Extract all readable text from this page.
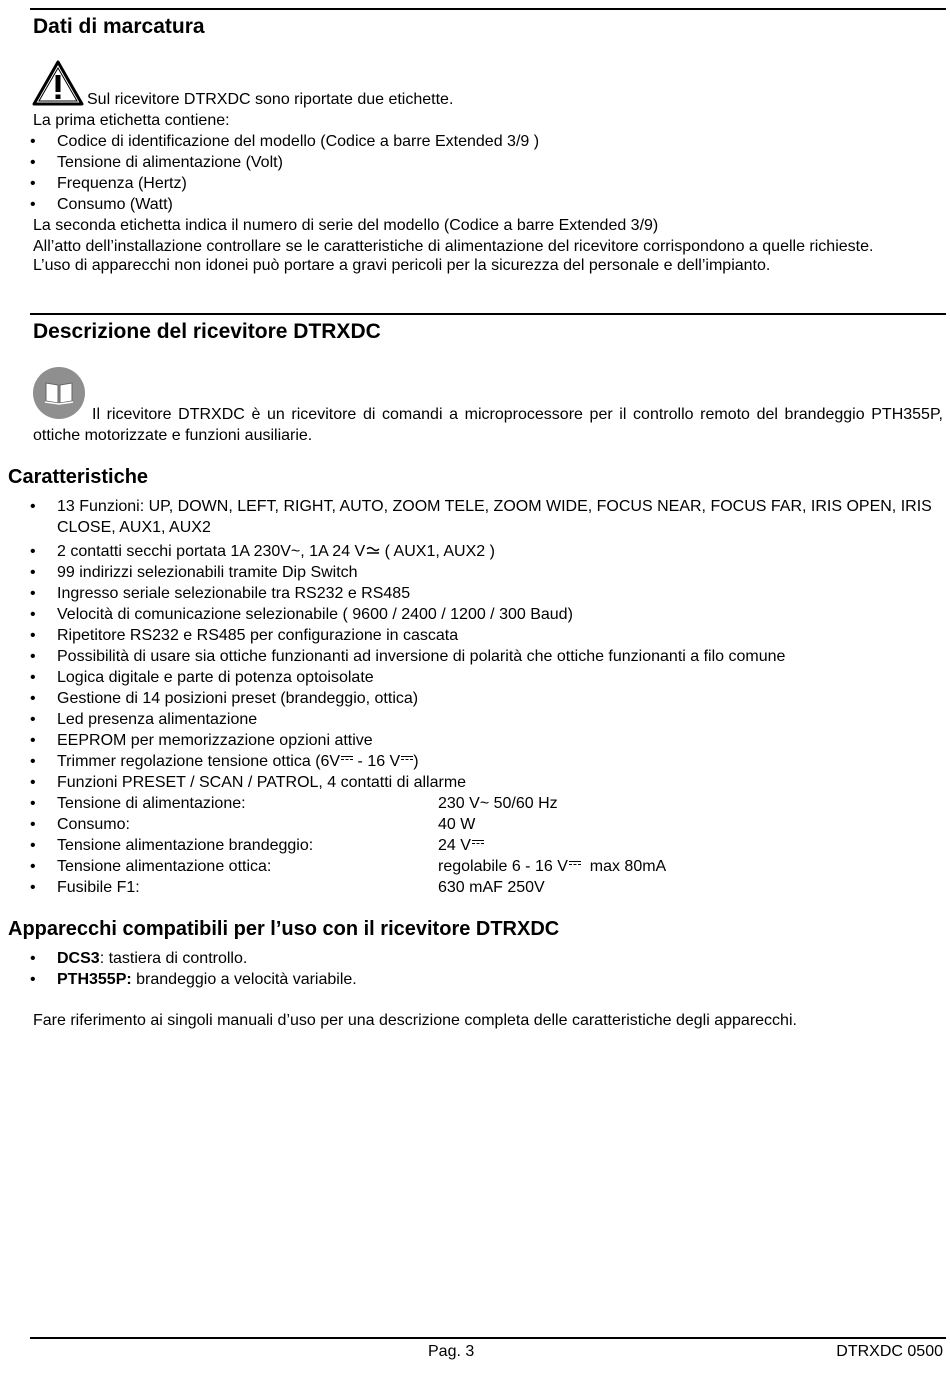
Dati di marcatura
Sul ricevitore DTRXDC sono riportate due etichette.
La prima etichetta contiene:
• Codice di identificazione del modello (Codice a barre Extended 3/9 )
• Tensione di alimentazione (Volt)
• Frequenza (Hertz)
• Consumo (Watt)
La seconda etichetta indica il numero di serie del modello (Codice a barre Extended 3/9)
All’atto dell’installazione controllare se le caratteristiche di alimentazione del ricevitore corrispondono a quelle richieste.
L’uso di apparecchi non idonei può portare a gravi pericoli per la sicurezza del personale e dell’impianto.
Descrizione del ricevitore DTRXDC
Il ricevitore DTRXDC è un ricevitore di comandi a microprocessore per il controllo remoto del brandeggio PTH355P, ottiche motorizzate e funzioni ausiliarie.
Caratteristiche
• 13 Funzioni: UP, DOWN, LEFT, RIGHT, AUTO, ZOOM TELE, ZOOM WIDE, FOCUS NEAR, FOCUS FAR, IRIS OPEN, IRIS CLOSE, AUX1, AUX2
• 2 contatti secchi portata 1A 230V~, 1A 24 V ( AUX1, AUX2 )
• 99 indirizzi selezionabili tramite Dip Switch
• Ingresso seriale selezionabile tra RS232 e RS485
• Velocità di comunicazione selezionabile ( 9600 / 2400 / 1200 / 300 Baud)
• Ripetitore RS232 e RS485 per configurazione in cascata
• Possibilità di usare sia ottiche funzionanti ad inversione di polarità che ottiche funzionanti a filo comune
• Logica digitale e parte di potenza optoisolate
• Gestione di 14 posizioni preset (brandeggio, ottica)
• Led presenza alimentazione
• EEPROM per memorizzazione opzioni attive
• Trimmer regolazione tensione ottica (6V - 16 V )
• Funzioni PRESET / SCAN / PATROL, 4 contatti di allarme
• Tensione di alimentazione:	230 V~ 50/60 Hz
• Consumo:	40 W
• Tensione alimentazione brandeggio:	24 V
• Tensione alimentazione ottica:	regolabile 6 - 16 V  max 80mA
• Fusibile F1:	630 mAF 250V
Apparecchi compatibili per l’uso con il ricevitore DTRXDC
• DCS3: tastiera di controllo.
• PTH355P: brandeggio a velocità variabile.
Fare riferimento ai singoli manuali d’uso per una descrizione completa delle caratteristiche degli apparecchi.
Pag. 3	DTRXDC 0500
